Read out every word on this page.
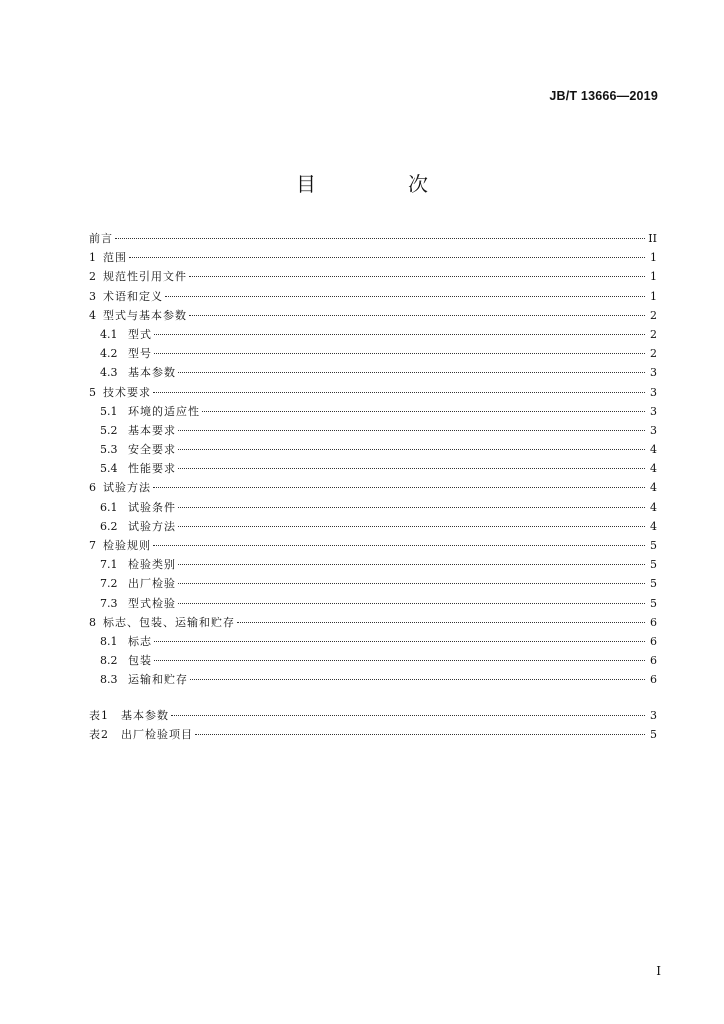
JB/T 13666—2019
目　次
前言	II
1 范围	1
2 规范性引用文件	1
3 术语和定义	1
4 型式与基本参数	2
4.1 型式	2
4.2 型号	2
4.3 基本参数	3
5 技术要求	3
5.1 环境的适应性	3
5.2 基本要求	3
5.3 安全要求	4
5.4 性能要求	4
6 试验方法	4
6.1 试验条件	4
6.2 试验方法	4
7 检验规则	5
7.1 检验类别	5
7.2 出厂检验	5
7.3 型式检验	5
8 标志、包装、运输和贮存	6
8.1 标志	6
8.2 包装	6
8.3 运输和贮存	6
表1	基本参数	3
表2	出厂检验项目	5
I
